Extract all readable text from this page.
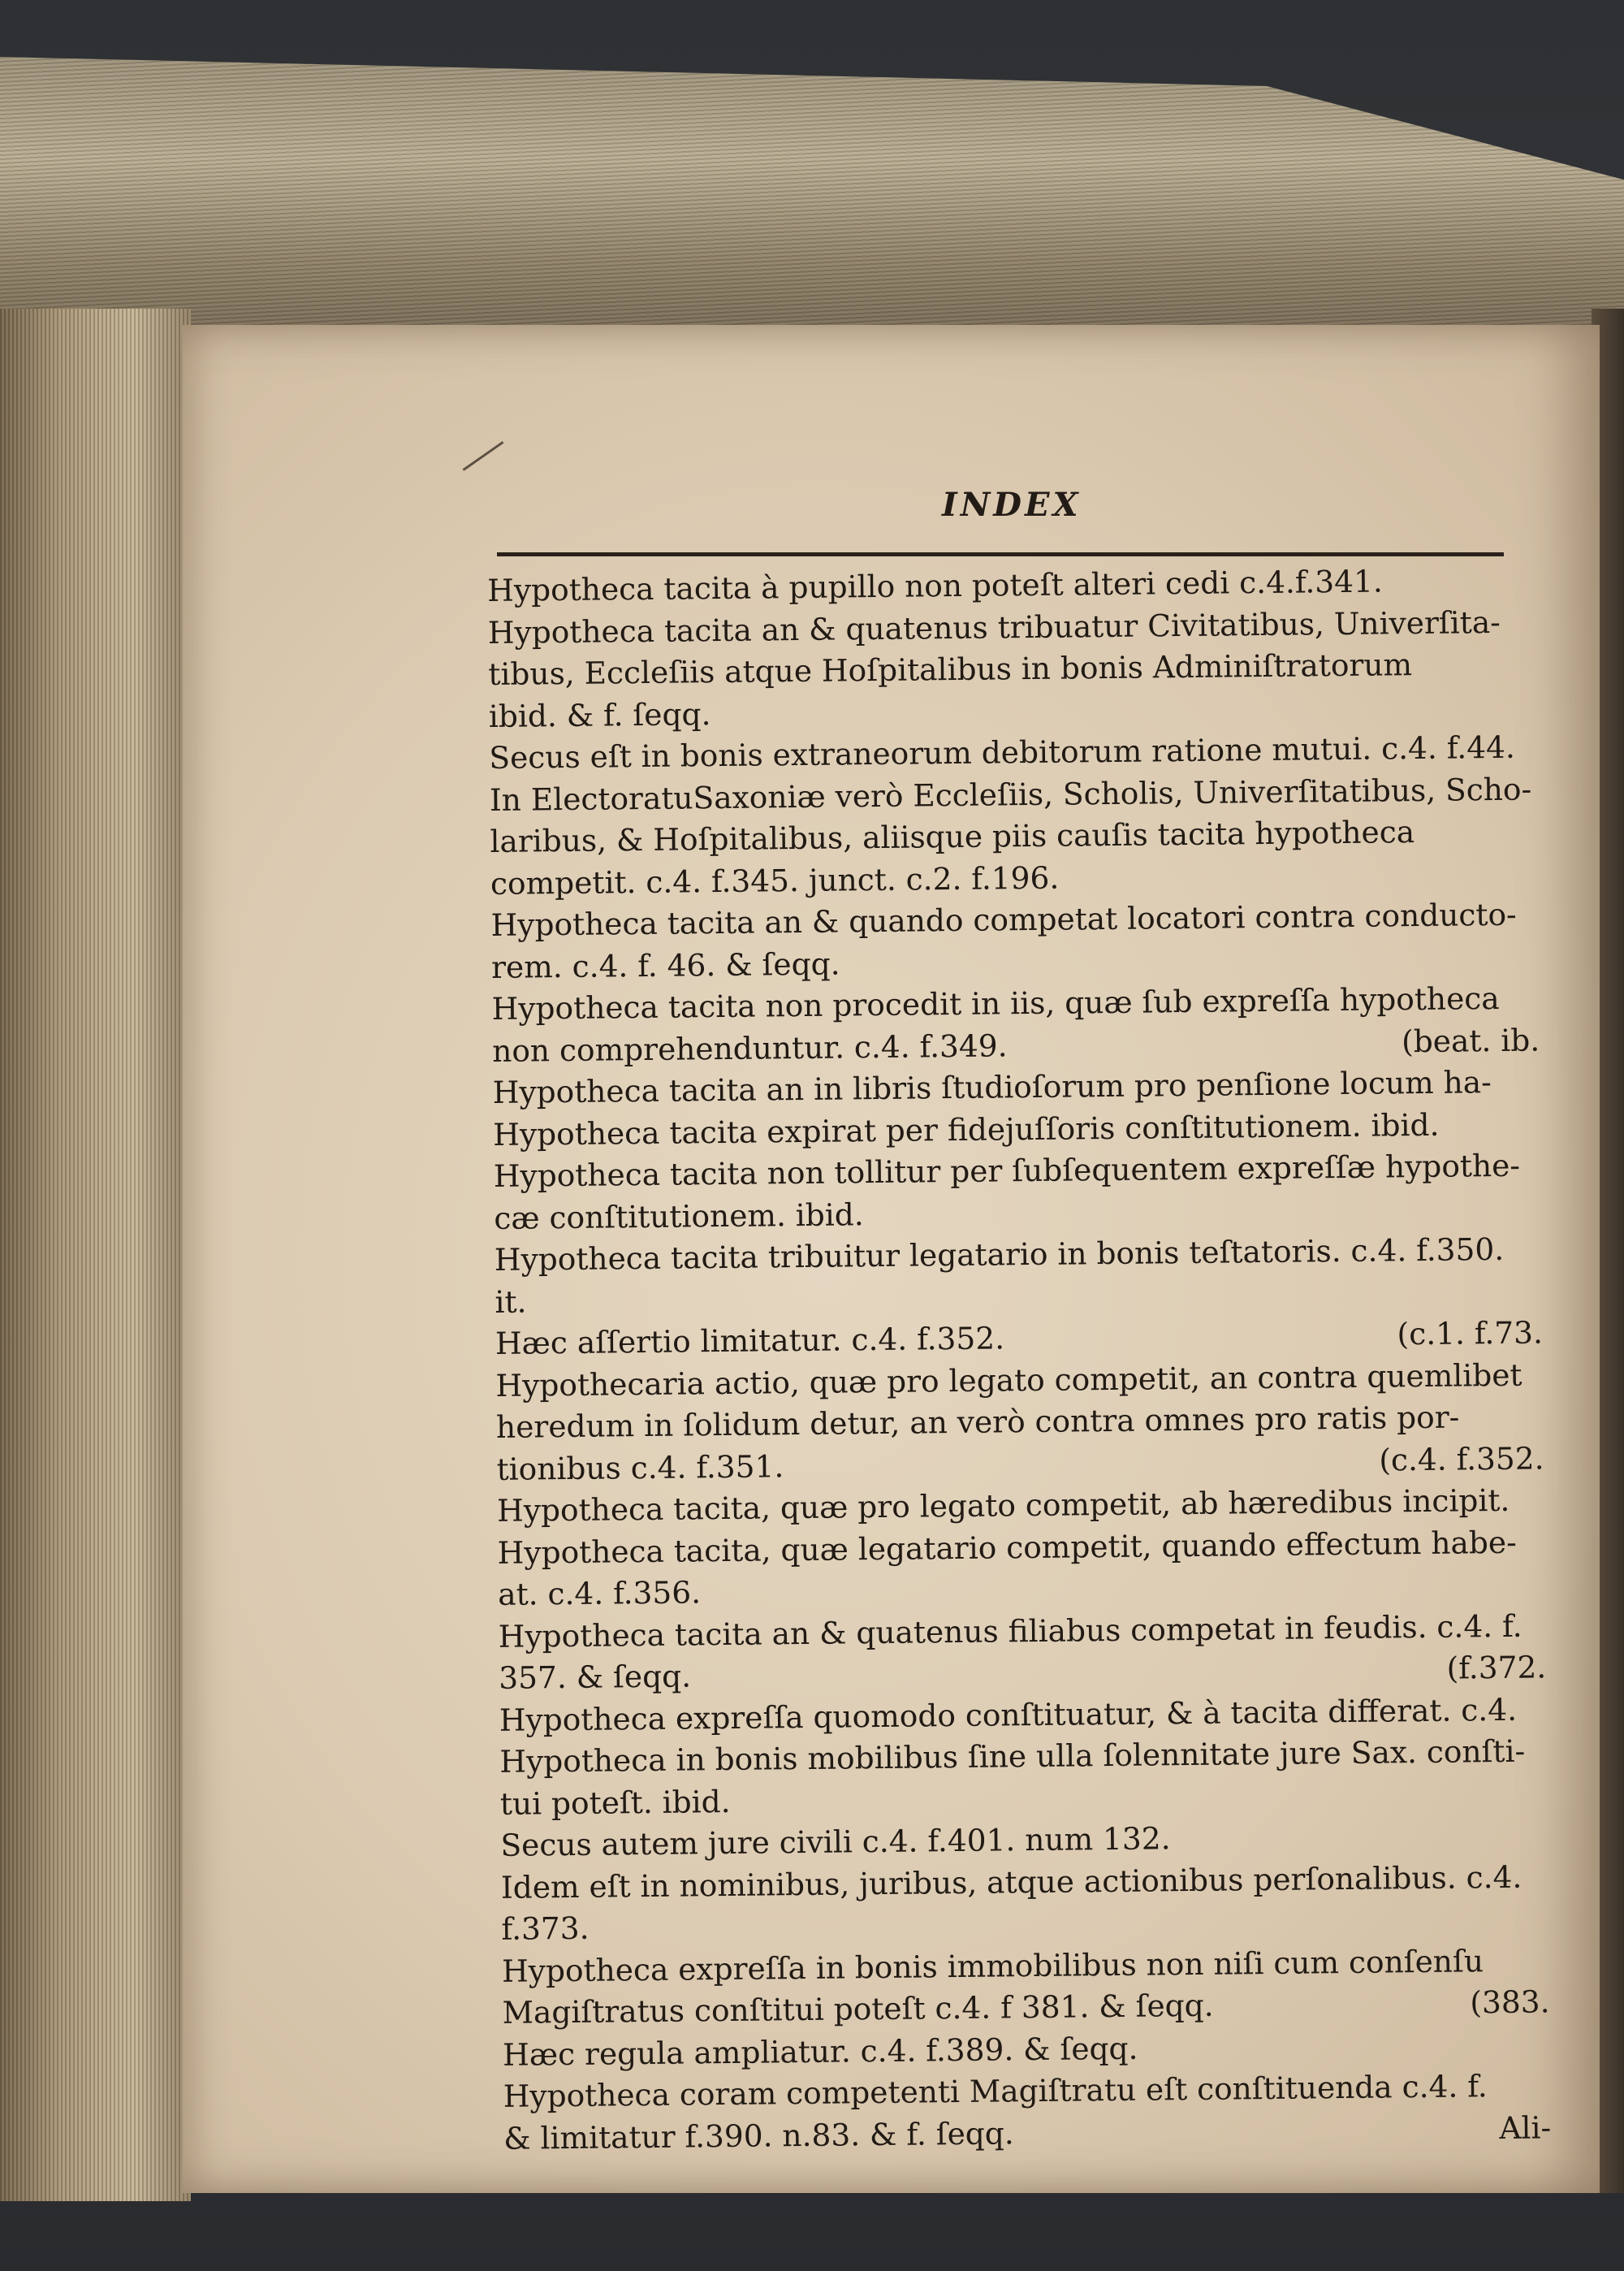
INDEX
Hypotheca tacita à pupillo non poteſt alteri cedi c.4.f.341.
Hypotheca tacita an & quatenus tribuatur Civitatibus, Univerſita-
tibus, Eccleſiis atque Hoſpitalibus in bonis Adminiſtratorum
ibid. & f. ſeqq.
Secus eſt in bonis extraneorum debitorum ratione mutui. c.4. f.44.
In ElectoratuSaxoniæ verò Eccleſiis, Scholis, Univerſitatibus, Scho-
laribus, & Hoſpitalibus, aliisque piis cauſis tacita hypotheca
competit. c.4. f.345. junct. c.2. f.196.
Hypotheca tacita an & quando competat locatori contra conducto-
rem. c.4. f. 46. & ſeqq.
Hypotheca tacita non procedit in iis, quæ ſub expreſſa hypotheca
non comprehenduntur. c.4. f.349.	(beat. ib.
Hypotheca tacita an in libris ſtudioſorum pro penſione locum ha-
Hypotheca tacita expirat per fidejuſſoris conſtitutionem. ibid.
Hypotheca tacita non tollitur per ſubſequentem expreſſæ hypothe-
cæ conſtitutionem. ibid.
Hypotheca tacita tribuitur legatario in bonis teſtatoris. c.4. f.350. it.
Hæc aſſertio limitatur. c.4. f.352.	(c.1. f.73.
Hypothecaria actio, quæ pro legato competit, an contra quemlibet
heredum in ſolidum detur, an verò contra omnes pro ratis por-
tionibus c.4. f.351.	(c.4. f.352.
Hypotheca tacita, quæ pro legato competit, ab hæredibus incipit.
Hypotheca tacita, quæ legatario competit, quando effectum habe-
at. c.4. f.356.
Hypotheca tacita an & quatenus filiabus competat in feudis. c.4. f.
357. & ſeqq.	(f.372.
Hypotheca expreſſa quomodo conſtituatur, & à tacita differat. c.4.
Hypotheca in bonis mobilibus ſine ulla ſolennitate jure Sax. conſti-
tui poteſt. ibid.
Secus autem jure civili c.4. f.401. num 132.
Idem eſt in nominibus, juribus, atque actionibus perſonalibus. c.4.
f.373.
Hypotheca expreſſa in bonis immobilibus non niſi cum conſenſu
Magiſtratus conſtitui poteſt c.4. f 381. & ſeqq.	(383.
Hæc regula ampliatur. c.4. f.389. & ſeqq.
Hypotheca coram competenti Magiſtratu eſt conſtituenda c.4. f.
& limitatur f.390. n.83. & f. ſeqq.	Ali-
